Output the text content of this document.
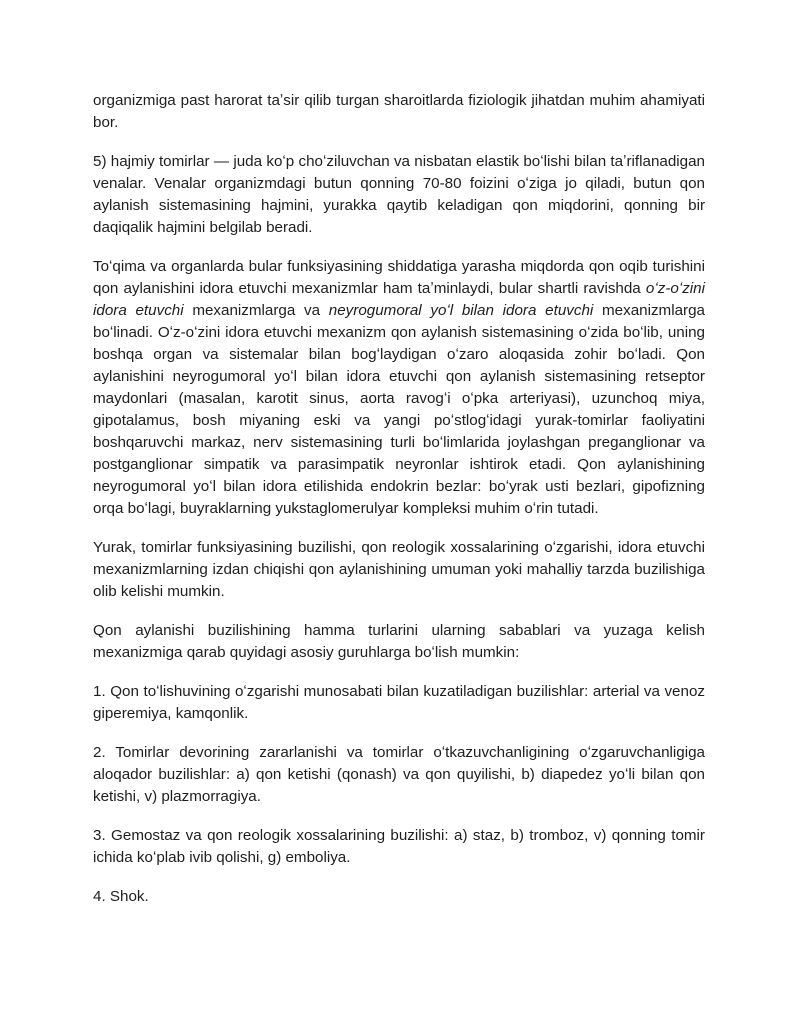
organizmiga past harorat taʼsir qilib turgan sharoitlarda fiziologik jihatdan muhim ahamiyati bor.

5) hajmiy tomirlar — juda koʻp choʻziluvchan va nisbatan elastik boʻlishi bilan taʼriflanadigan venalar. Venalar organizmdagi butun qonning 70-80 foizini oʻziga jo qiladi, butun qon aylanish sistemasining hajmini, yurakka qaytib keladigan qon miqdorini, qonning bir daqiqalik hajmini belgilab beradi.

Toʻqima va organlarda bular funksiyasining shiddatiga yarasha miqdorda qon oqib turishini qon aylanishini idora etuvchi mexanizmlar ham taʼminlaydi, bular shartli ravishda oʻz-oʻzini idora etuvchi mexanizmlarga va neyrogumoral yoʻl bilan idora etuvchi mexanizmlarga boʻlinadi. Oʻz-oʻzini idora etuvchi mexanizm qon aylanish sistemasining oʻzida boʻlib, uning boshqa organ va sistemalar bilan bogʻlaydigan oʻzaro aloqasida zohir boʻladi. Qon aylanishini neyrogumoral yoʻl bilan idora etuvchi qon aylanish sistemasining retseptor maydonlari (masalan, karotit sinus, aorta ravogʻi oʻpka arteriyasi), uzunchoq miya, gipotalamus, bosh miyaning eski va yangi poʻstlogʻidagi yurak-tomirlar faoliyatini boshqaruvchi markaz, nerv sistemasining turli boʻlimlarida joylashgan preganglionar va postganglionar simpatik va parasimpatik neyronlar ishtirok etadi. Qon aylanishining neyrogumoral yoʻl bilan idora etilishida endokrin bezlar: boʻyrak usti bezlari, gipofizning orqa boʻlagi, buyraklarning yukstaglomerulyar kompleksi muhim oʻrin tutadi.

Yurak, tomirlar funksiyasining buzilishi, qon reologik xossalarining oʻzgarishi, idora etuvchi mexanizmlarning izdan chiqishi qon aylanishining umuman yoki mahalliy tarzda buzilishiga olib kelishi mumkin.

Qon aylanishi buzilishining hamma turlarini ularning sabablari va yuzaga kelish mexanizmiga qarab quyidagi asosiy guruhlarga boʻlish mumkin:

1. Qon toʻlishuvining oʻzgarishi munosabati bilan kuzatiladigan buzilishlar: arterial va venoz giperemiya, kamqonlik.

2. Tomirlar devorining zararlanishi va tomirlar oʻtkazuvchanligining oʻzgaruvchanligiga aloqador buzilishlar: a) qon ketishi (qonash) va qon quyilishi, b) diapedez yoʻli bilan qon ketishi, v) plazmorragiya.

3. Gemostaz va qon reologik xossalarining buzilishi: a) staz, b) tromboz, v) qonning tomir ichida koʻplab ivib qolishi, g) emboliya.

4. Shok.
